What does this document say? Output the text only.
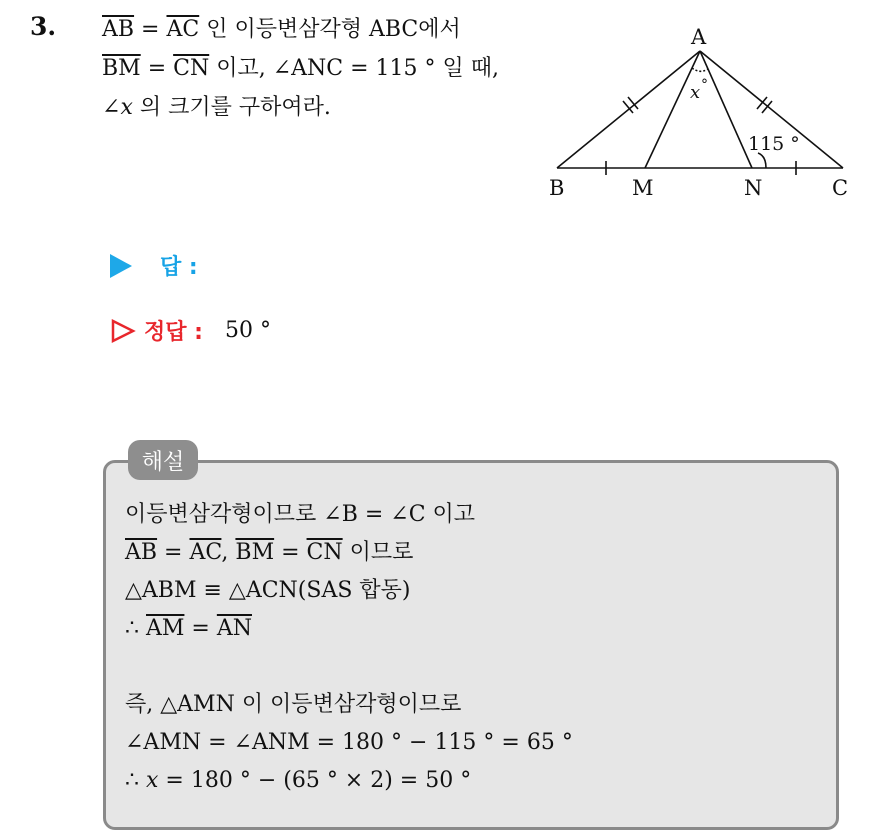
3. $\overline{AB} = \overline{AC}$ 인 이등변삼각형 ABC에서
$\overline{BM} = \overline{CN}$ 이고, ∠ANC = 115 ° 일 때,
∠x 의 크기를 구하여라.
A
B	M	N	C
x °
115 °
답 :
정답 : 50 °
해설
이등변삼각형이므로 ∠B = ∠C 이고
$\overline{AB} = \overline{AC}$, $\overline{BM} = \overline{CN}$ 이므로
△ABM ≡ △ACN(SAS 합동)
∴ $\overline{AM} = \overline{AN}$
즉, △AMN 이 이등변삼각형이므로
∠AMN = ∠ANM = 180 ° − 115 ° = 65 °
∴ x = 180 ° − (65 ° × 2) = 50 °
